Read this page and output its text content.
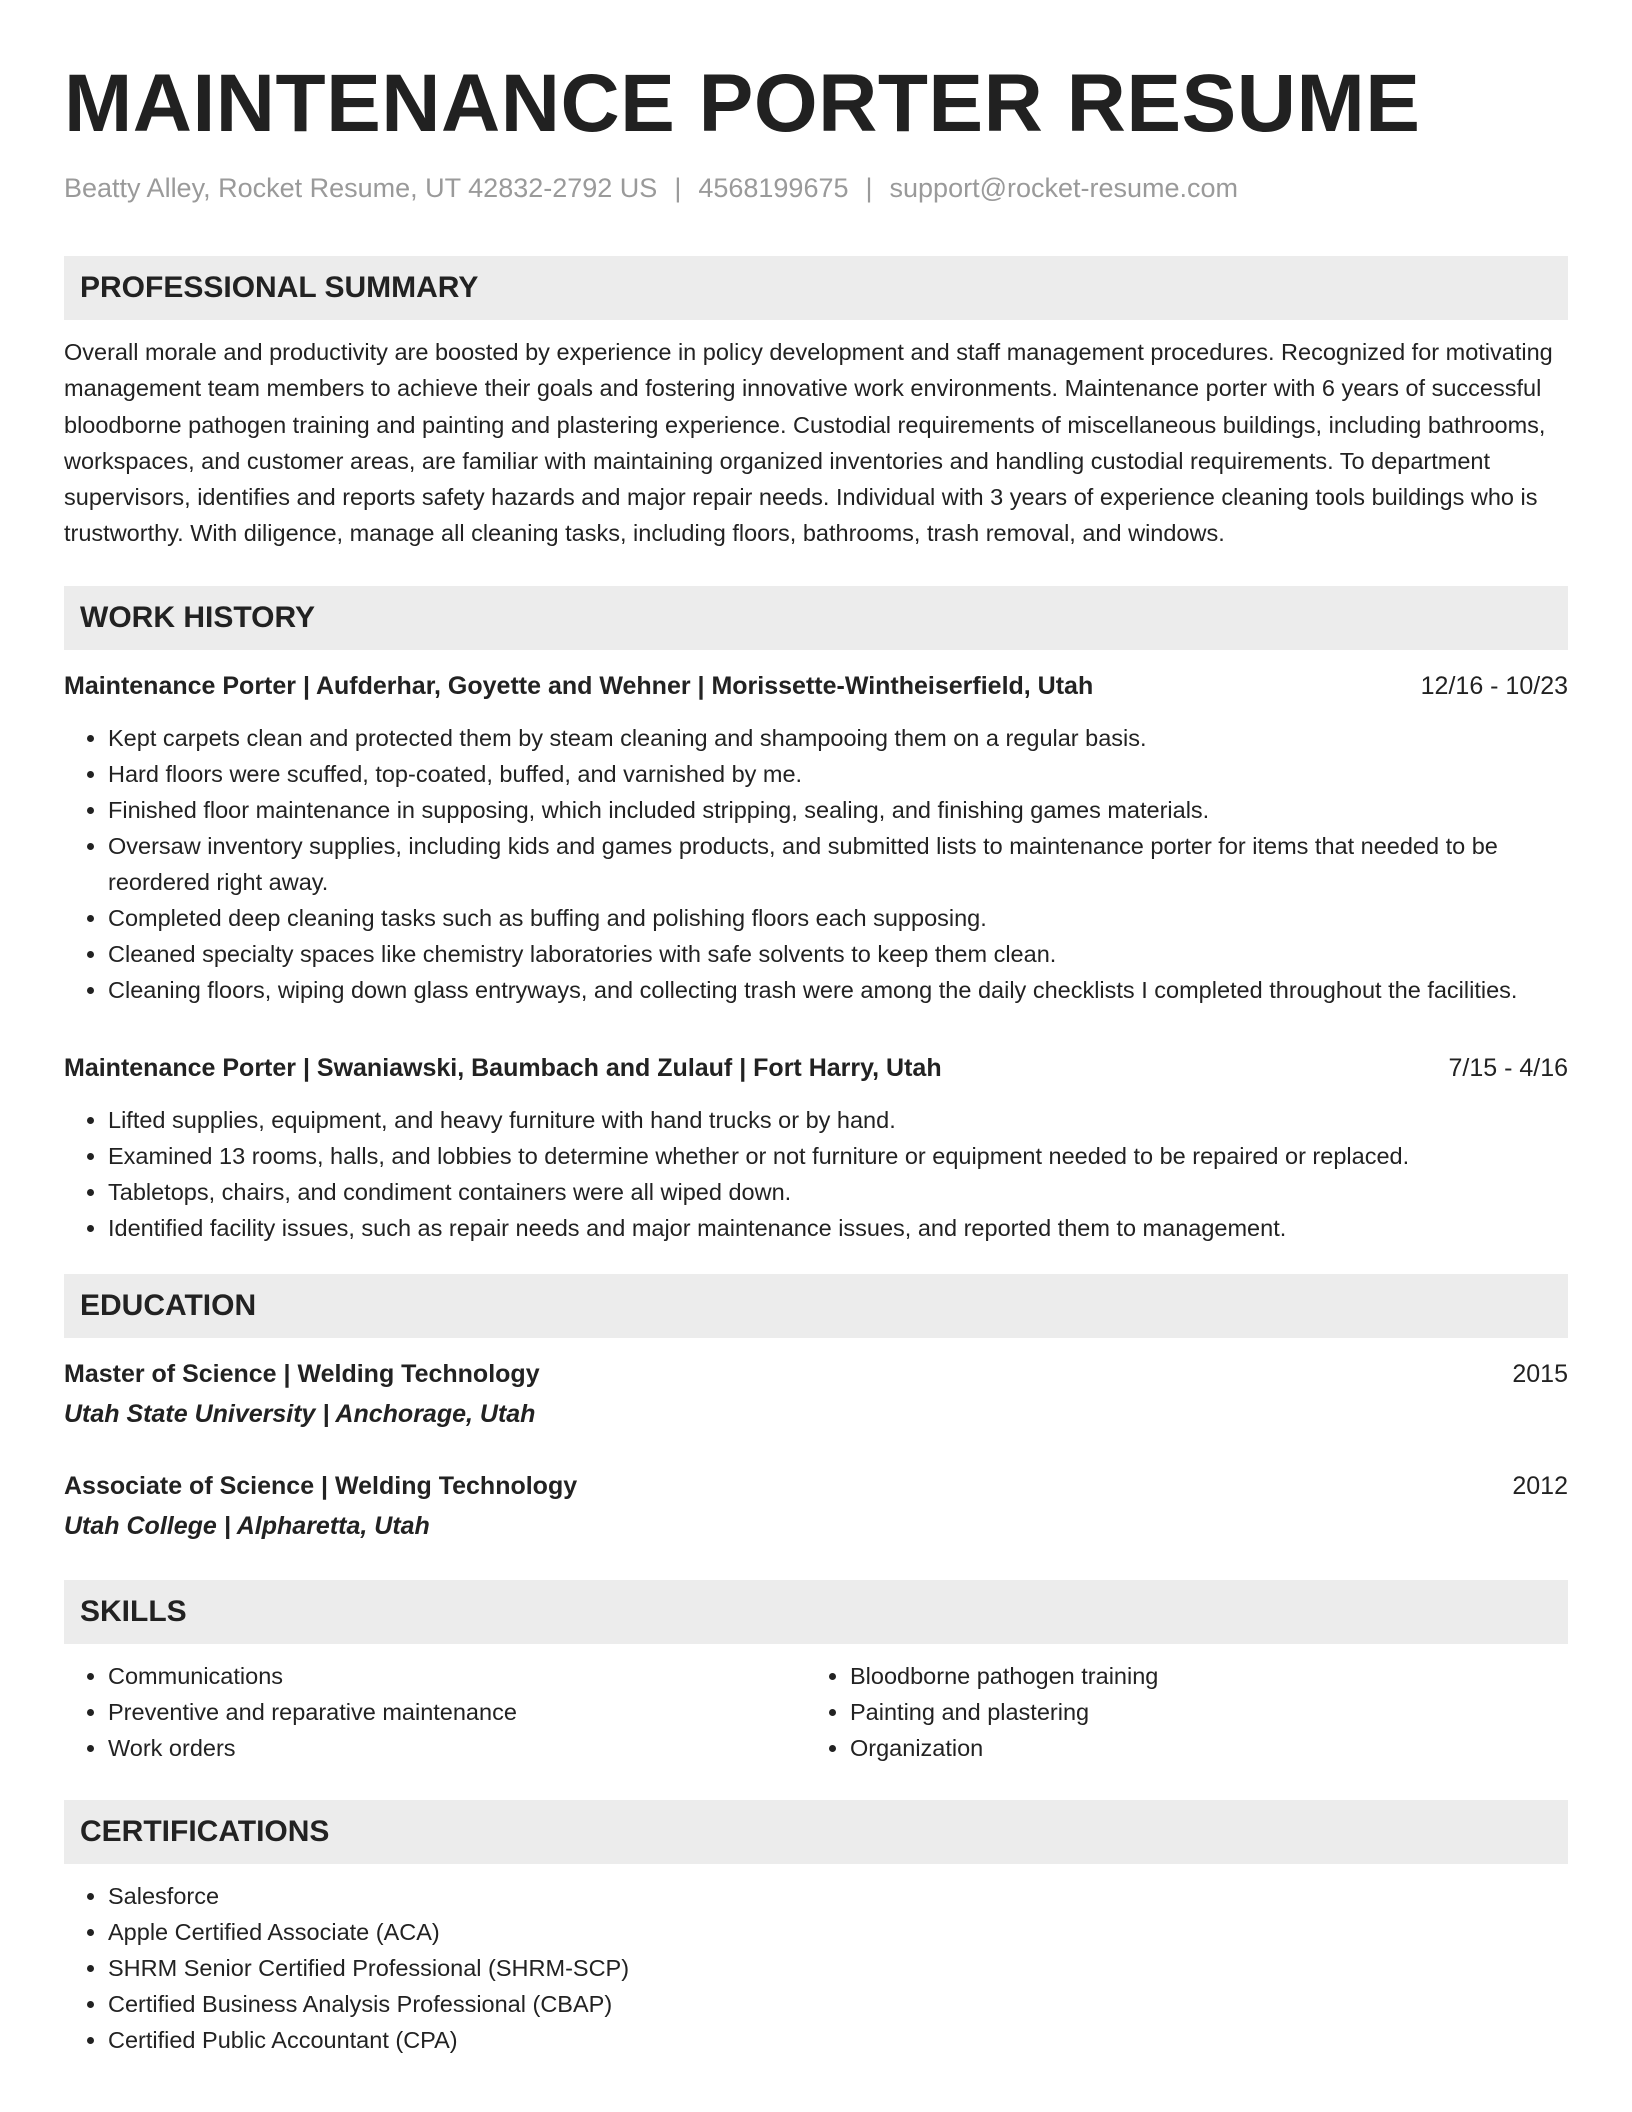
MAINTENANCE PORTER RESUME
Beatty Alley, Rocket Resume, UT 42832-2792 US | 4568199675 | support@rocket-resume.com
PROFESSIONAL SUMMARY

Overall morale and productivity are boosted by experience in policy development and staff management procedures. Recognized for motivating management team members to achieve their goals and fostering innovative work environments. Maintenance porter with 6 years of successful bloodborne pathogen training and painting and plastering experience. Custodial requirements of miscellaneous buildings, including bathrooms, workspaces, and customer areas, are familiar with maintaining organized inventories and handling custodial requirements. To department supervisors, identifies and reports safety hazards and major repair needs. Individual with 3 years of experience cleaning tools buildings who is trustworthy. With diligence, manage all cleaning tasks, including floors, bathrooms, trash removal, and windows.

WORK HISTORY
Maintenance Porter | Aufderhar, Goyette and Wehner | Morissette-Wintheiserfield, Utah	12/16 - 10/23
• Kept carpets clean and protected them by steam cleaning and shampooing them on a regular basis.
• Hard floors were scuffed, top-coated, buffed, and varnished by me.
• Finished floor maintenance in supposing, which included stripping, sealing, and finishing games materials.
• Oversaw inventory supplies, including kids and games products, and submitted lists to maintenance porter for items that needed to be reordered right away.
• Completed deep cleaning tasks such as buffing and polishing floors each supposing.
• Cleaned specialty spaces like chemistry laboratories with safe solvents to keep them clean.
• Cleaning floors, wiping down glass entryways, and collecting trash were among the daily checklists I completed throughout the facilities.
Maintenance Porter | Swaniawski, Baumbach and Zulauf | Fort Harry, Utah	7/15 - 4/16
• Lifted supplies, equipment, and heavy furniture with hand trucks or by hand.
• Examined 13 rooms, halls, and lobbies to determine whether or not furniture or equipment needed to be repaired or replaced.
• Tabletops, chairs, and condiment containers were all wiped down.
• Identified facility issues, such as repair needs and major maintenance issues, and reported them to management.
EDUCATION
Master of Science | Welding Technology	2015
Utah State University | Anchorage, Utah
Associate of Science | Welding Technology	2012
Utah College | Alpharetta, Utah
SKILLS
• Communications
• Preventive and reparative maintenance
• Work orders
• Bloodborne pathogen training
• Painting and plastering
• Organization
CERTIFICATIONS
• Salesforce
• Apple Certified Associate (ACA)
• SHRM Senior Certified Professional (SHRM-SCP)
• Certified Business Analysis Professional (CBAP)
• Certified Public Accountant (CPA)
